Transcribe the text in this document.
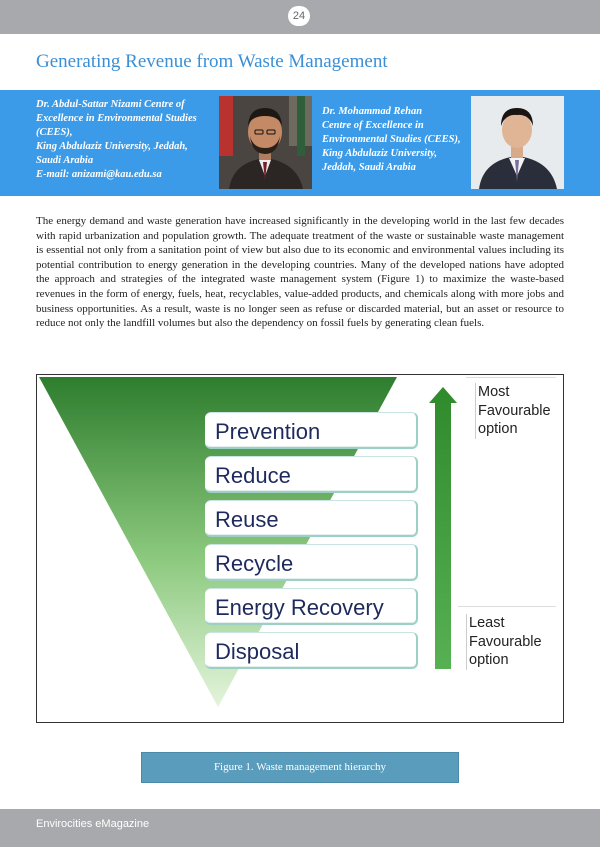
24
Generating Revenue from Waste Management
Dr. Abdul-Sattar Nizami Centre of
Excellence in Environmental Studies
(CEES),
King Abdulaziz University, Jeddah,
Saudi Arabia
E-mail: anizami@kau.edu.sa
Dr. Mohammad Rehan
Centre of Excellence in
Environmental Studies (CEES),
King Abdulaziz University,
Jeddah, Saudi Arabia
The energy demand and waste generation have increased significantly in the developing world in the last few decades with rapid urbanization and population growth. The adequate treatment of the waste or sustainable waste management is essential not only from a sanitation point of view but also due to its economic and environmental values including its potential contribution to energy generation in the developing countries. Many of the developed nations have adopted the approach and strategies of the integrated waste management system (Figure 1) to maximize the waste-based revenues in the form of energy, fuels, heat, recyclables, value-added products, and chemicals along with more jobs and business opportunities. As a result, waste is no longer seen as refuse or discarded material, but an asset or resource to reduce not only the landfill volumes but also the dependency on fossil fuels by generating clean fuels.
Prevention
Reduce
Reuse
Recycle
Energy Recovery
Disposal
Most
Favourable
option
Least
Favourable
option
Figure 1. Waste management hierarchy
Envirocities eMagazine
